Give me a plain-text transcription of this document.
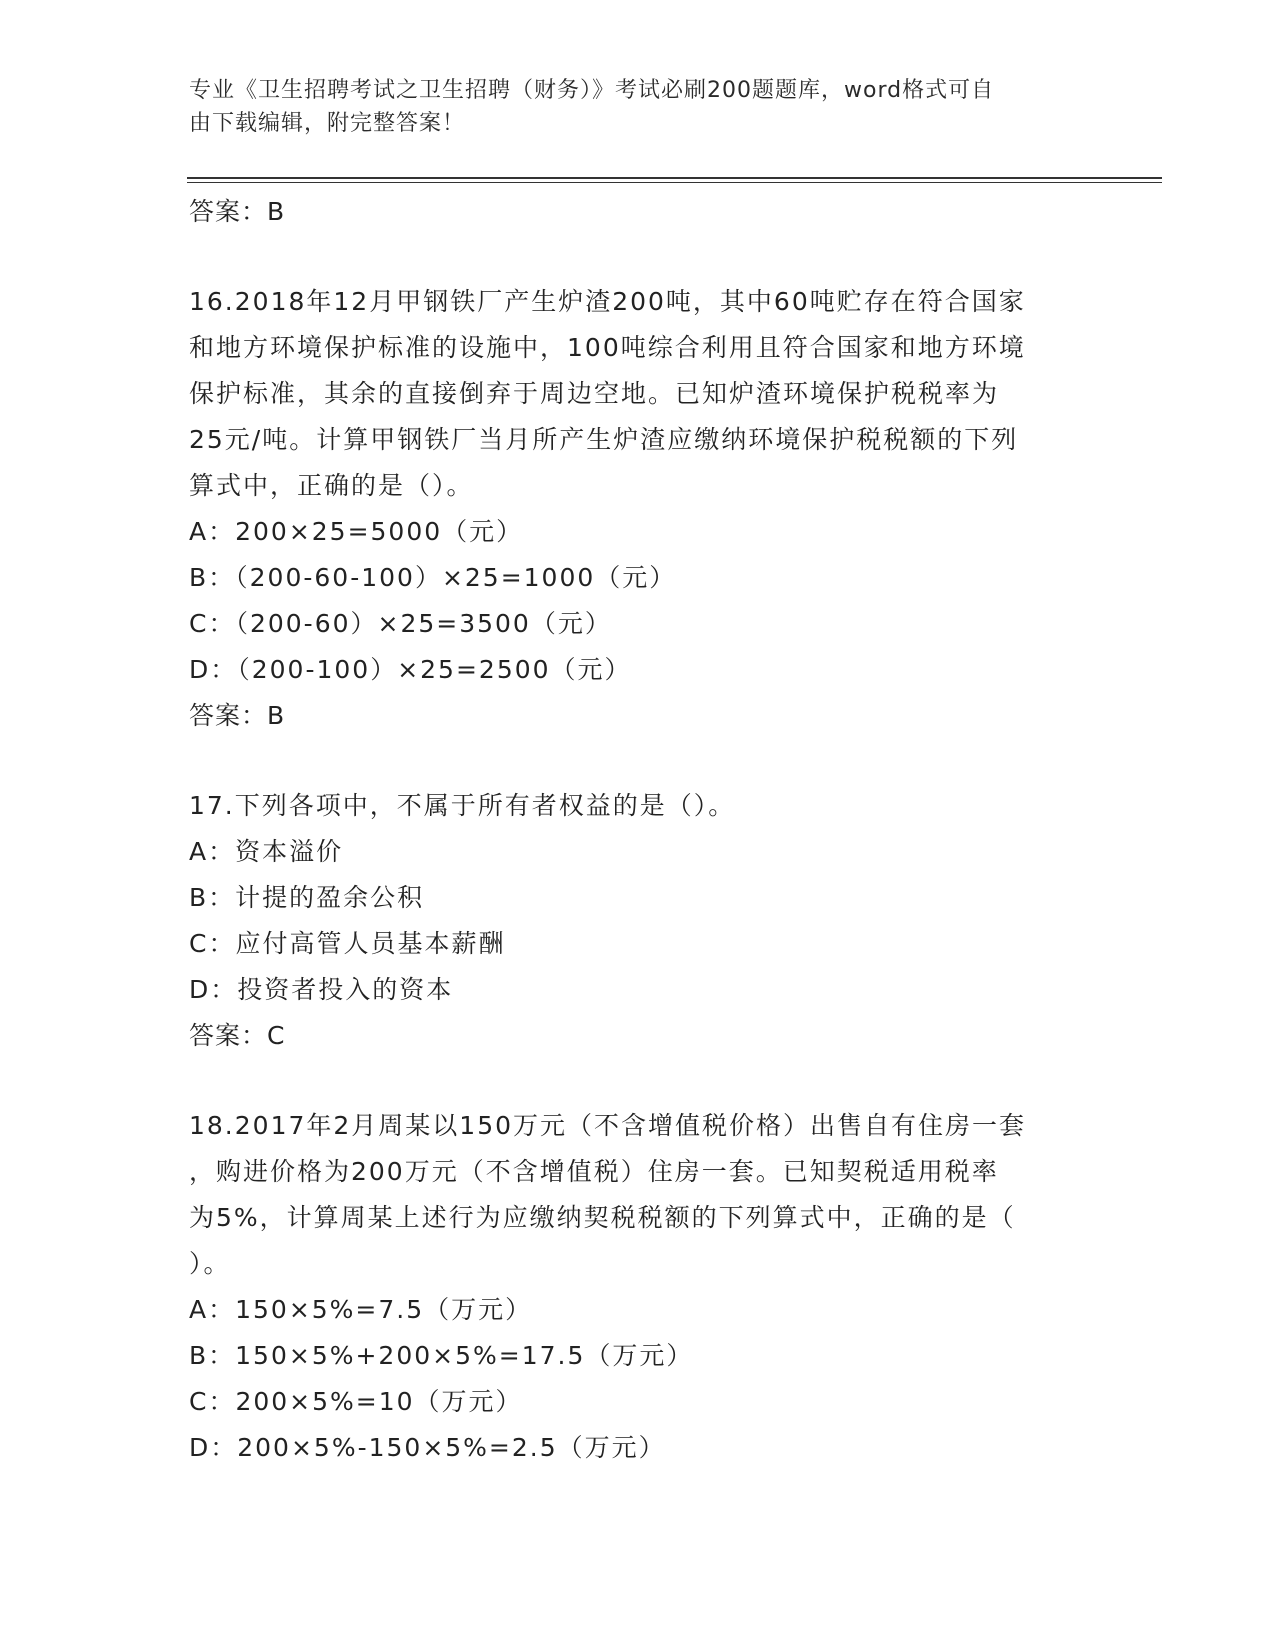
专业《卫生招聘考试之卫生招聘（财务）》考试必刷200题题库，word格式可自
由下载编辑，附完整答案！

答案：B

16.2018年12月甲钢铁厂产生炉渣200吨，其中60吨贮存在符合国家

和地方环境保护标准的设施中，100吨综合利用且符合国家和地方环境

保护标准，其余的直接倒弃于周边空地。已知炉渣环境保护税税率为

25元/吨。计算甲钢铁厂当月所产生炉渣应缴纳环境保护税税额的下列

算式中，正确的是（）。

A：200×25=5000（元）

B：（200-60-100）×25=1000（元）

C：（200-60）×25=3500（元）

D：（200-100）×25=2500（元）

答案：B

17.下列各项中，不属于所有者权益的是（）。

A：资本溢价

B：计提的盈余公积

C：应付高管人员基本薪酬

D：投资者投入的资本

答案：C

18.2017年2月周某以150万元（不含增值税价格）出售自有住房一套

，购进价格为200万元（不含增值税）住房一套。已知契税适用税率

为5%，计算周某上述行为应缴纳契税税额的下列算式中，正确的是（

）。

A：150×5%=7.5（万元）

B：150×5%+200×5%=17.5（万元）

C：200×5%=10（万元）

D：200×5%-150×5%=2.5（万元）
